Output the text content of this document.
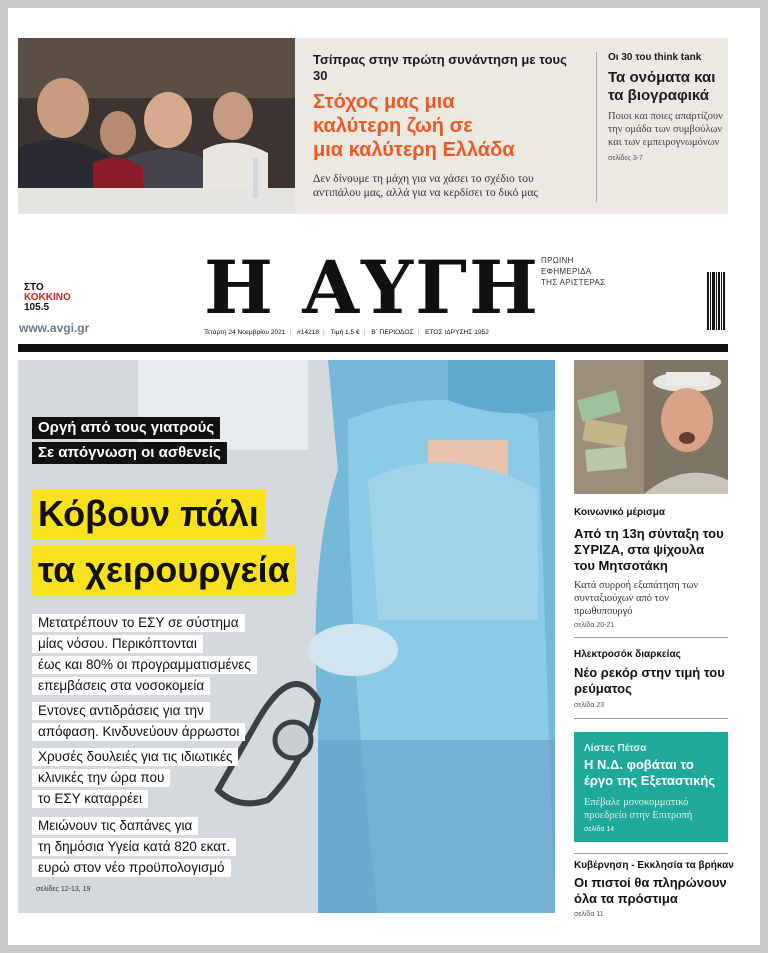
Τσίπρας στην πρώτη συνάντηση με τους 30
Στόχος μας μια
καλύτερη ζωή σε
μια καλύτερη Ελλάδα
Δεν δίνουμε τη μάχη για να χάσει το σχέδιο του αντιπάλου μας, αλλά για να κερδίσει το δικό μας
Οι 30 του think tank
Τα ονόματα και τα βιογραφικά
Ποιοι και ποιες απαρτίζουν την ομάδα των συμβούλων και των εμπειρογνωμόνων
σελίδες 3-7
ΣΤΟ
ΚΟΚΚΙΝΟ
105.5
www.avgi.gr Η ΑΥΓΗ ΠΡΩΙΝΗ
ΕΦΗΜΕΡΙΔΑ
ΤΗΣ ΑΡΙΣΤΕΡΑΣ
Τετάρτη 24 Νοεμβρίου 2021 | #14218 | Τιμή 1,5 € | Β΄ ΠΕΡΙΟΔΟΣ | ΕΤΟΣ ΙΔΡΥΣΗΣ 1952
Οργή από τους γιατρούς
Σε απόγνωση οι ασθενείς
Κόβουν πάλι
τα χειρουργεία
Μετατρέπουν το ΕΣΥ σε σύστημα
μίας νόσου. Περικόπτονται
έως και 80% οι προγραμματισμένες
επεμβάσεις στα νοσοκομεία
Εντονες αντιδράσεις για την
απόφαση. Κινδυνεύουν άρρωστοι
Χρυσές δουλειές για τις ιδιωτικές
κλινικές την ώρα που
το ΕΣΥ καταρρέει
Μειώνουν τις δαπάνες για
τη δημόσια Υγεία κατά 820 εκατ.
ευρώ στον νέο προϋπολογισμό
σελίδες 12-13, 19
Κοινωνικό μέρισμα
Από τη 13η σύνταξη του ΣΥΡΙΖΑ, στα ψίχουλα του Μητσοτάκη
Κατά συρροή εξαπάτηση των συνταξιούχων από τον πρωθυπουργό
σελίδα 20-21
Ηλεκτροσόκ διαρκείας
Νέο ρεκόρ στην τιμή του ρεύματος
σελίδα 23
Λίστες Πέτσα
Η Ν.Δ. φοβάται το έργο της Εξεταστικής
Επέβαλε μονοκομματικό προεδρείο στην Επιτροπή
σελίδα 14
Κυβέρνηση - Εκκλησία τα βρήκαν
Οι πιστοί θα πληρώνουν όλα τα πρόστιμα
σελίδα 11
